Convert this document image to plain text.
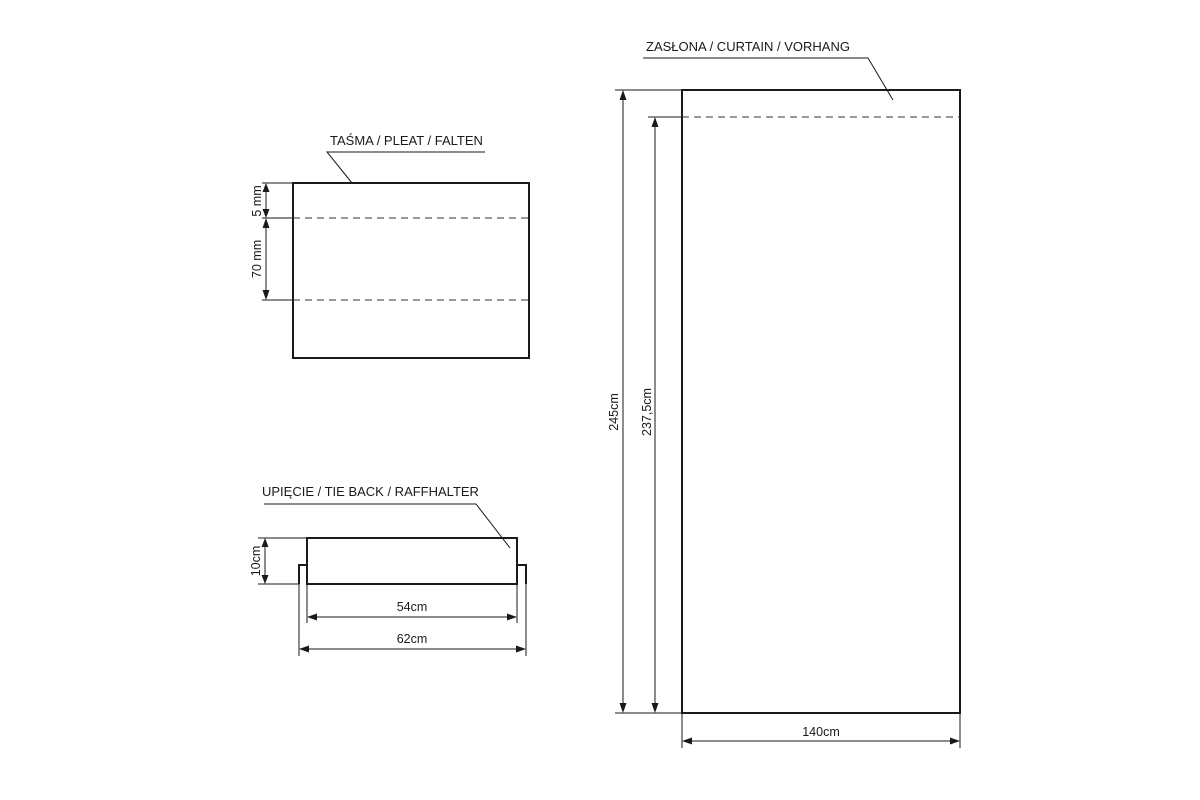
ZASŁONA / CURTAIN / VORHANG
245cm 237,5cm
140cm
TAŚMA / PLEAT / FALTEN
5 mm
70 mm
UPIĘCIE / TIE BACK / RAFFHALTER
10cm
54cm
62cm
